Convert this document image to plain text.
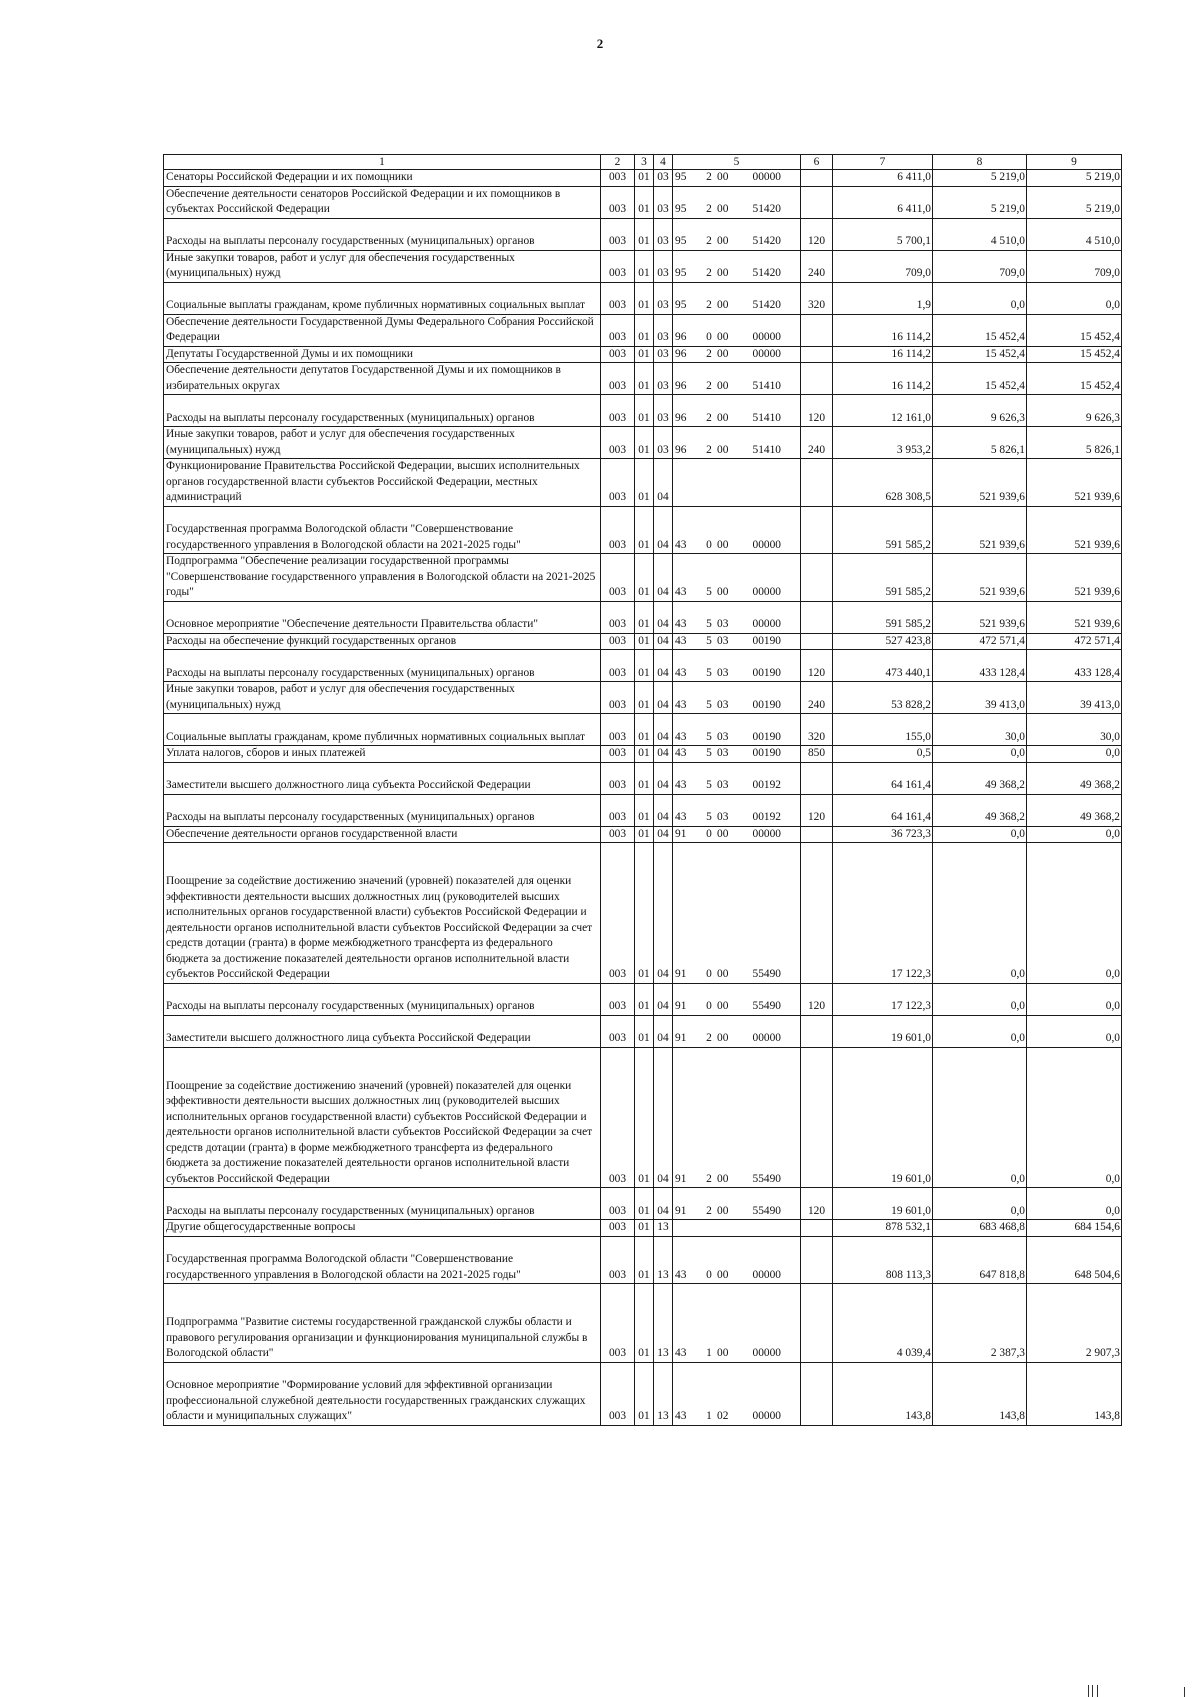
2
1	2	3	4	5	6	7	8	9
Сенаторы Российской Федерации и их помощники	003	01	03	95 2 00 00000		6 411,0	5 219,0	5 219,0

Обеспечение деятельности сенаторов Российской Федерации и их помощников в субъектах Российской Федерации	003	01	03	95 2 00 51420		6 411,0	5 219,0	5 219,0

Расходы на выплаты персоналу государственных (муниципальных) органов	003	01	03	95 2 00 51420	120	5 700,1	4 510,0	4 510,0

Иные закупки товаров, работ и услуг для обеспечения государственных (муниципальных) нужд	003	01	03	95 2 00 51420	240	709,0	709,0	709,0

Социальные выплаты гражданам, кроме публичных нормативных социальных выплат	003	01	03	95 2 00 51420	320	1,9	0,0	0,0

Обеспечение деятельности Государственной Думы Федерального Собрания Российской Федерации	003	01	03	96 0 00 00000		16 114,2	15 452,4	15 452,4

Депутаты Государственной Думы и их помощники	003	01	03	96 2 00 00000		16 114,2	15 452,4	15 452,4

Обеспечение деятельности депутатов Государственной Думы и их помощников в избирательных округах	003	01	03	96 2 00 51410		16 114,2	15 452,4	15 452,4

Расходы на выплаты персоналу государственных (муниципальных) органов	003	01	03	96 2 00 51410	120	12 161,0	9 626,3	9 626,3

Иные закупки товаров, работ и услуг для обеспечения государственных (муниципальных) нужд	003	01	03	96 2 00 51410	240	3 953,2	5 826,1	5 826,1

Функционирование Правительства Российской Федерации, высших исполнительных органов государственной власти субъектов Российской Федерации, местных администраций	003	01	04			628 308,5	521 939,6	521 939,6

Государственная программа Вологодской области "Совершенствование государственного управления в Вологодской области на 2021-2025 годы"	003	01	04	43 0 00 00000		591 585,2	521 939,6	521 939,6

Подпрограмма "Обеспечение реализации государственной программы "Совершенствование государственного управления в Вологодской области на 2021-2025 годы"	003	01	04	43 5 00 00000		591 585,2	521 939,6	521 939,6

Основное мероприятие "Обеспечение деятельности Правительства области"	003	01	04	43 5 03 00000		591 585,2	521 939,6	521 939,6

Расходы на обеспечение функций государственных органов	003	01	04	43 5 03 00190		527 423,8	472 571,4	472 571,4

Расходы на выплаты персоналу государственных (муниципальных) органов	003	01	04	43 5 03 00190	120	473 440,1	433 128,4	433 128,4

Иные закупки товаров, работ и услуг для обеспечения государственных (муниципальных) нужд	003	01	04	43 5 03 00190	240	53 828,2	39 413,0	39 413,0

Социальные выплаты гражданам, кроме публичных нормативных социальных выплат	003	01	04	43 5 03 00190	320	155,0	30,0	30,0

Уплата налогов, сборов и иных платежей	003	01	04	43 5 03 00190	850	0,5	0,0	0,0

Заместители высшего должностного лица субъекта Российской Федерации	003	01	04	43 5 03 00192		64 161,4	49 368,2	49 368,2

Расходы на выплаты персоналу государственных (муниципальных) органов	003	01	04	43 5 03 00192	120	64 161,4	49 368,2	49 368,2

Обеспечение деятельности органов государственной власти	003	01	04	91 0 00 00000		36 723,3	0,0	0,0

Поощрение за содействие достижению значений (уровней) показателей для оценки эффективности деятельности высших должностных лиц (руководителей высших исполнительных органов государственной власти) субъектов Российской Федерации и деятельности органов исполнительной власти субъектов Российской Федерации за счет средств дотации (гранта) в форме межбюджетного трансферта из федерального бюджета за достижение показателей деятельности органов исполнительной власти субъектов Российской Федерации	003	01	04	91 0 00 55490		17 122,3	0,0	0,0

Расходы на выплаты персоналу государственных (муниципальных) органов	003	01	04	91 0 00 55490	120	17 122,3	0,0	0,0

Заместители высшего должностного лица субъекта Российской Федерации	003	01	04	91 2 00 00000		19 601,0	0,0	0,0

Поощрение за содействие достижению значений (уровней) показателей для оценки эффективности деятельности высших должностных лиц (руководителей высших исполнительных органов государственной власти) субъектов Российской Федерации и деятельности органов исполнительной власти субъектов Российской Федерации за счет средств дотации (гранта) в форме межбюджетного трансферта из федерального бюджета за достижение показателей деятельности органов исполнительной власти субъектов Российской Федерации	003	01	04	91 2 00 55490		19 601,0	0,0	0,0

Расходы на выплаты персоналу государственных (муниципальных) органов	003	01	04	91 2 00 55490	120	19 601,0	0,0	0,0

Другие общегосударственные вопросы	003	01	13			878 532,1	683 468,8	684 154,6

Государственная программа Вологодской области "Совершенствование государственного управления в Вологодской области на 2021-2025 годы"	003	01	13	43 0 00 00000		808 113,3	647 818,8	648 504,6

Подпрограмма "Развитие системы государственной гражданской службы области и правового регулирования организации и функционирования муниципальной службы в Вологодской области"	003	01	13	43 1 00 00000		4 039,4	2 387,3	2 907,3

Основное мероприятие "Формирование условий для эффективной организации профессиональной служебной деятельности государственных гражданских служащих области и муниципальных служащих"	003	01	13	43 1 02 00000		143,8	143,8	143,8
